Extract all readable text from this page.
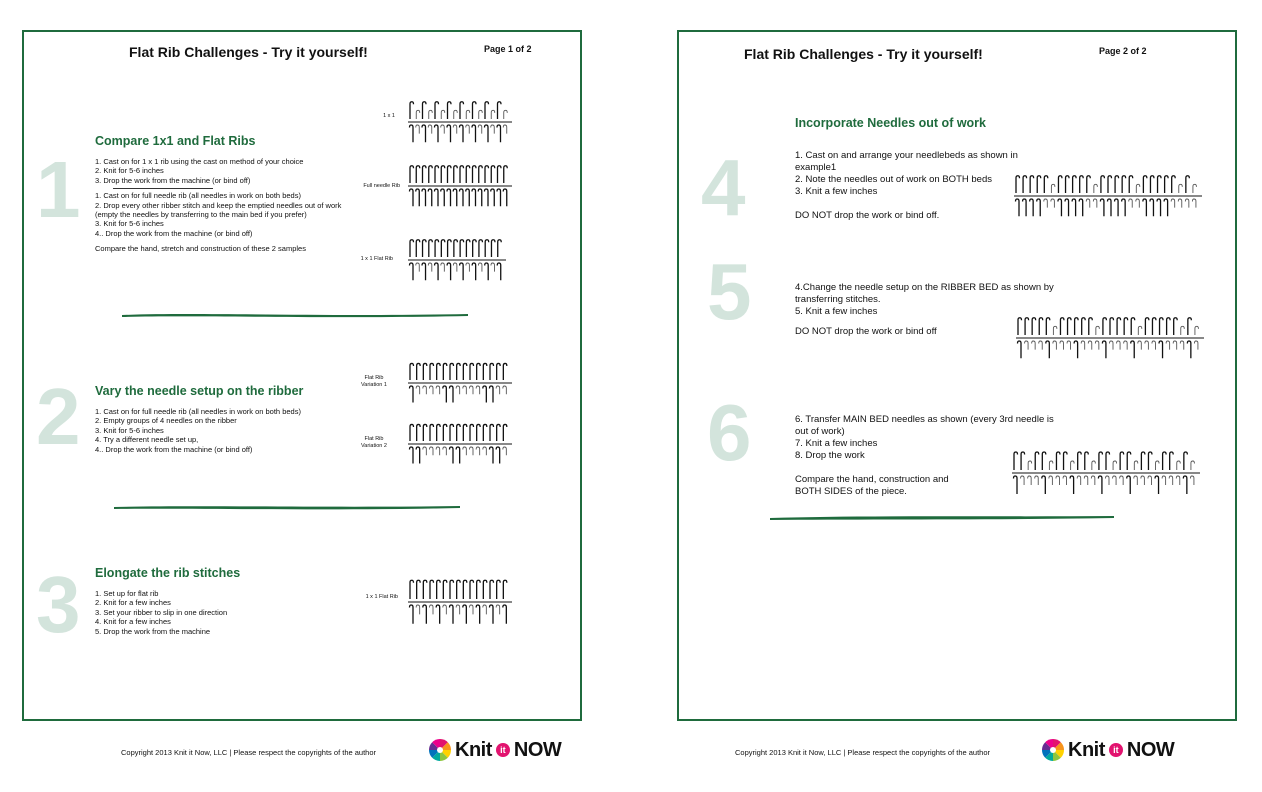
Flat Rib Challenges - Try it yourself!	Page 1 of 2
1
Compare 1x1 and Flat Ribs
1. Cast on for 1 x 1 rib using the cast on method of your choice
2. Knit for 5-6 inches
3. Drop the work from the machine (or bind off)
1. Cast on for full needle rib (all needles in work on both beds)
2. Drop every other ribber stitch and keep the emptied needles out of work
(empty the needles by transferring to the main bed if you prefer)
3. Knit for 5-6 inches
4.. Drop the work from the machine (or bind off)
Compare the hand, stretch and construction of these 2 samples
1 x 1
Full needle Rib
1 x 1 Flat Rib
2 Vary the needle setup on the ribber
1. Cast on for full needle rib (all needles in work on both beds)
2. Empty groups of 4 needles on the ribber
3. Knit for 5-6 inches
4. Try a different needle set up,
4.. Drop the work from the machine (or bind off)
Flat Rib
Variation 1
Flat Rib
Variation 2
3 Elongate the rib stitches
1. Set up for flat rib
2. Knit for a few inches
3. Set your ribber to slip in one direction
4. Knit for a few inches
5. Drop the work from the machine
1 x 1 Flat Rib
Copyright 2013 Knit it Now, LLC | Please respect the copyrights of the author	Knit it NOW
Flat Rib Challenges - Try it yourself!	Page 2 of 2
Incorporate Needles out of work
4	1. Cast on and arrange your needlebeds as shown in
example1
2. Note the needles out of work on BOTH beds
3. Knit a few inches
DO NOT drop the work or bind off.
5	4.Change the needle setup on the RIBBER BED as shown by
transferring stitches.
5. Knit a few inches
DO NOT drop the work or bind off
6	6. Transfer MAIN BED needles as shown (every 3rd needle is
out of work)
7. Knit a few inches
8. Drop the work
Compare the hand, construction and
BOTH SIDES of the piece.
Copyright 2013 Knit it Now, LLC | Please respect the copyrights of the author	Knit it NOW
